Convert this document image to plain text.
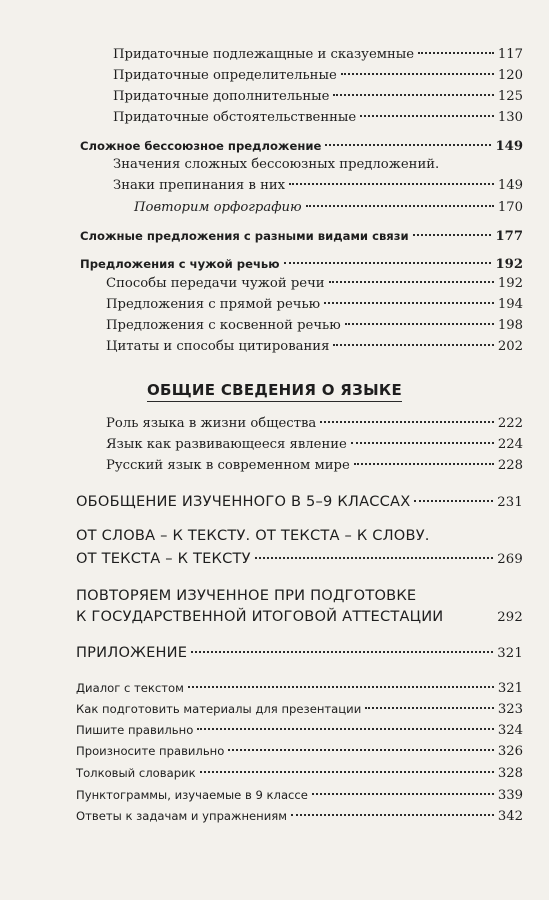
Придаточные подлежащные и сказуемные	117
Придаточные определительные	120
Придаточные дополнительные	125
Придаточные обстоятельственные	130
Сложное бессоюзное предложение	149
Значения сложных бессоюзных предложений.
Знаки препинания в них	149
Повторим орфографию	170
Сложные предложения с разными видами связи	177
Предложения с чужой речью	192
Способы передачи чужой речи	192
Предложения с прямой речью	194
Предложения с косвенной речью	198
Цитаты и способы цитирования	202
ОБЩИЕ СВЕДЕНИЯ О ЯЗЫКЕ
Роль языка в жизни общества	222
Язык как развивающееся явление	224
Русский язык в современном мире	228
ОБОБЩЕНИЕ ИЗУЧЕННОГО В 5–9 КЛАССАХ	231
ОТ СЛОВА – К ТЕКСТУ. ОТ ТЕКСТА – К СЛОВУ.
ОТ ТЕКСТА – К ТЕКСТУ	269
ПОВТОРЯЕМ ИЗУЧЕННОЕ ПРИ ПОДГОТОВКЕ
К ГОСУДАРСТВЕННОЙ ИТОГОВОЙ АТТЕСТАЦИИ	292
ПРИЛОЖЕНИЕ	321
Диалог с текстом	321
Как подготовить материалы для презентации	323
Пишите правильно	324
Произносите правильно	326
Толковый словарик	328
Пунктограммы, изучаемые в 9 классе	339
Ответы к задачам и упражнениям	342
